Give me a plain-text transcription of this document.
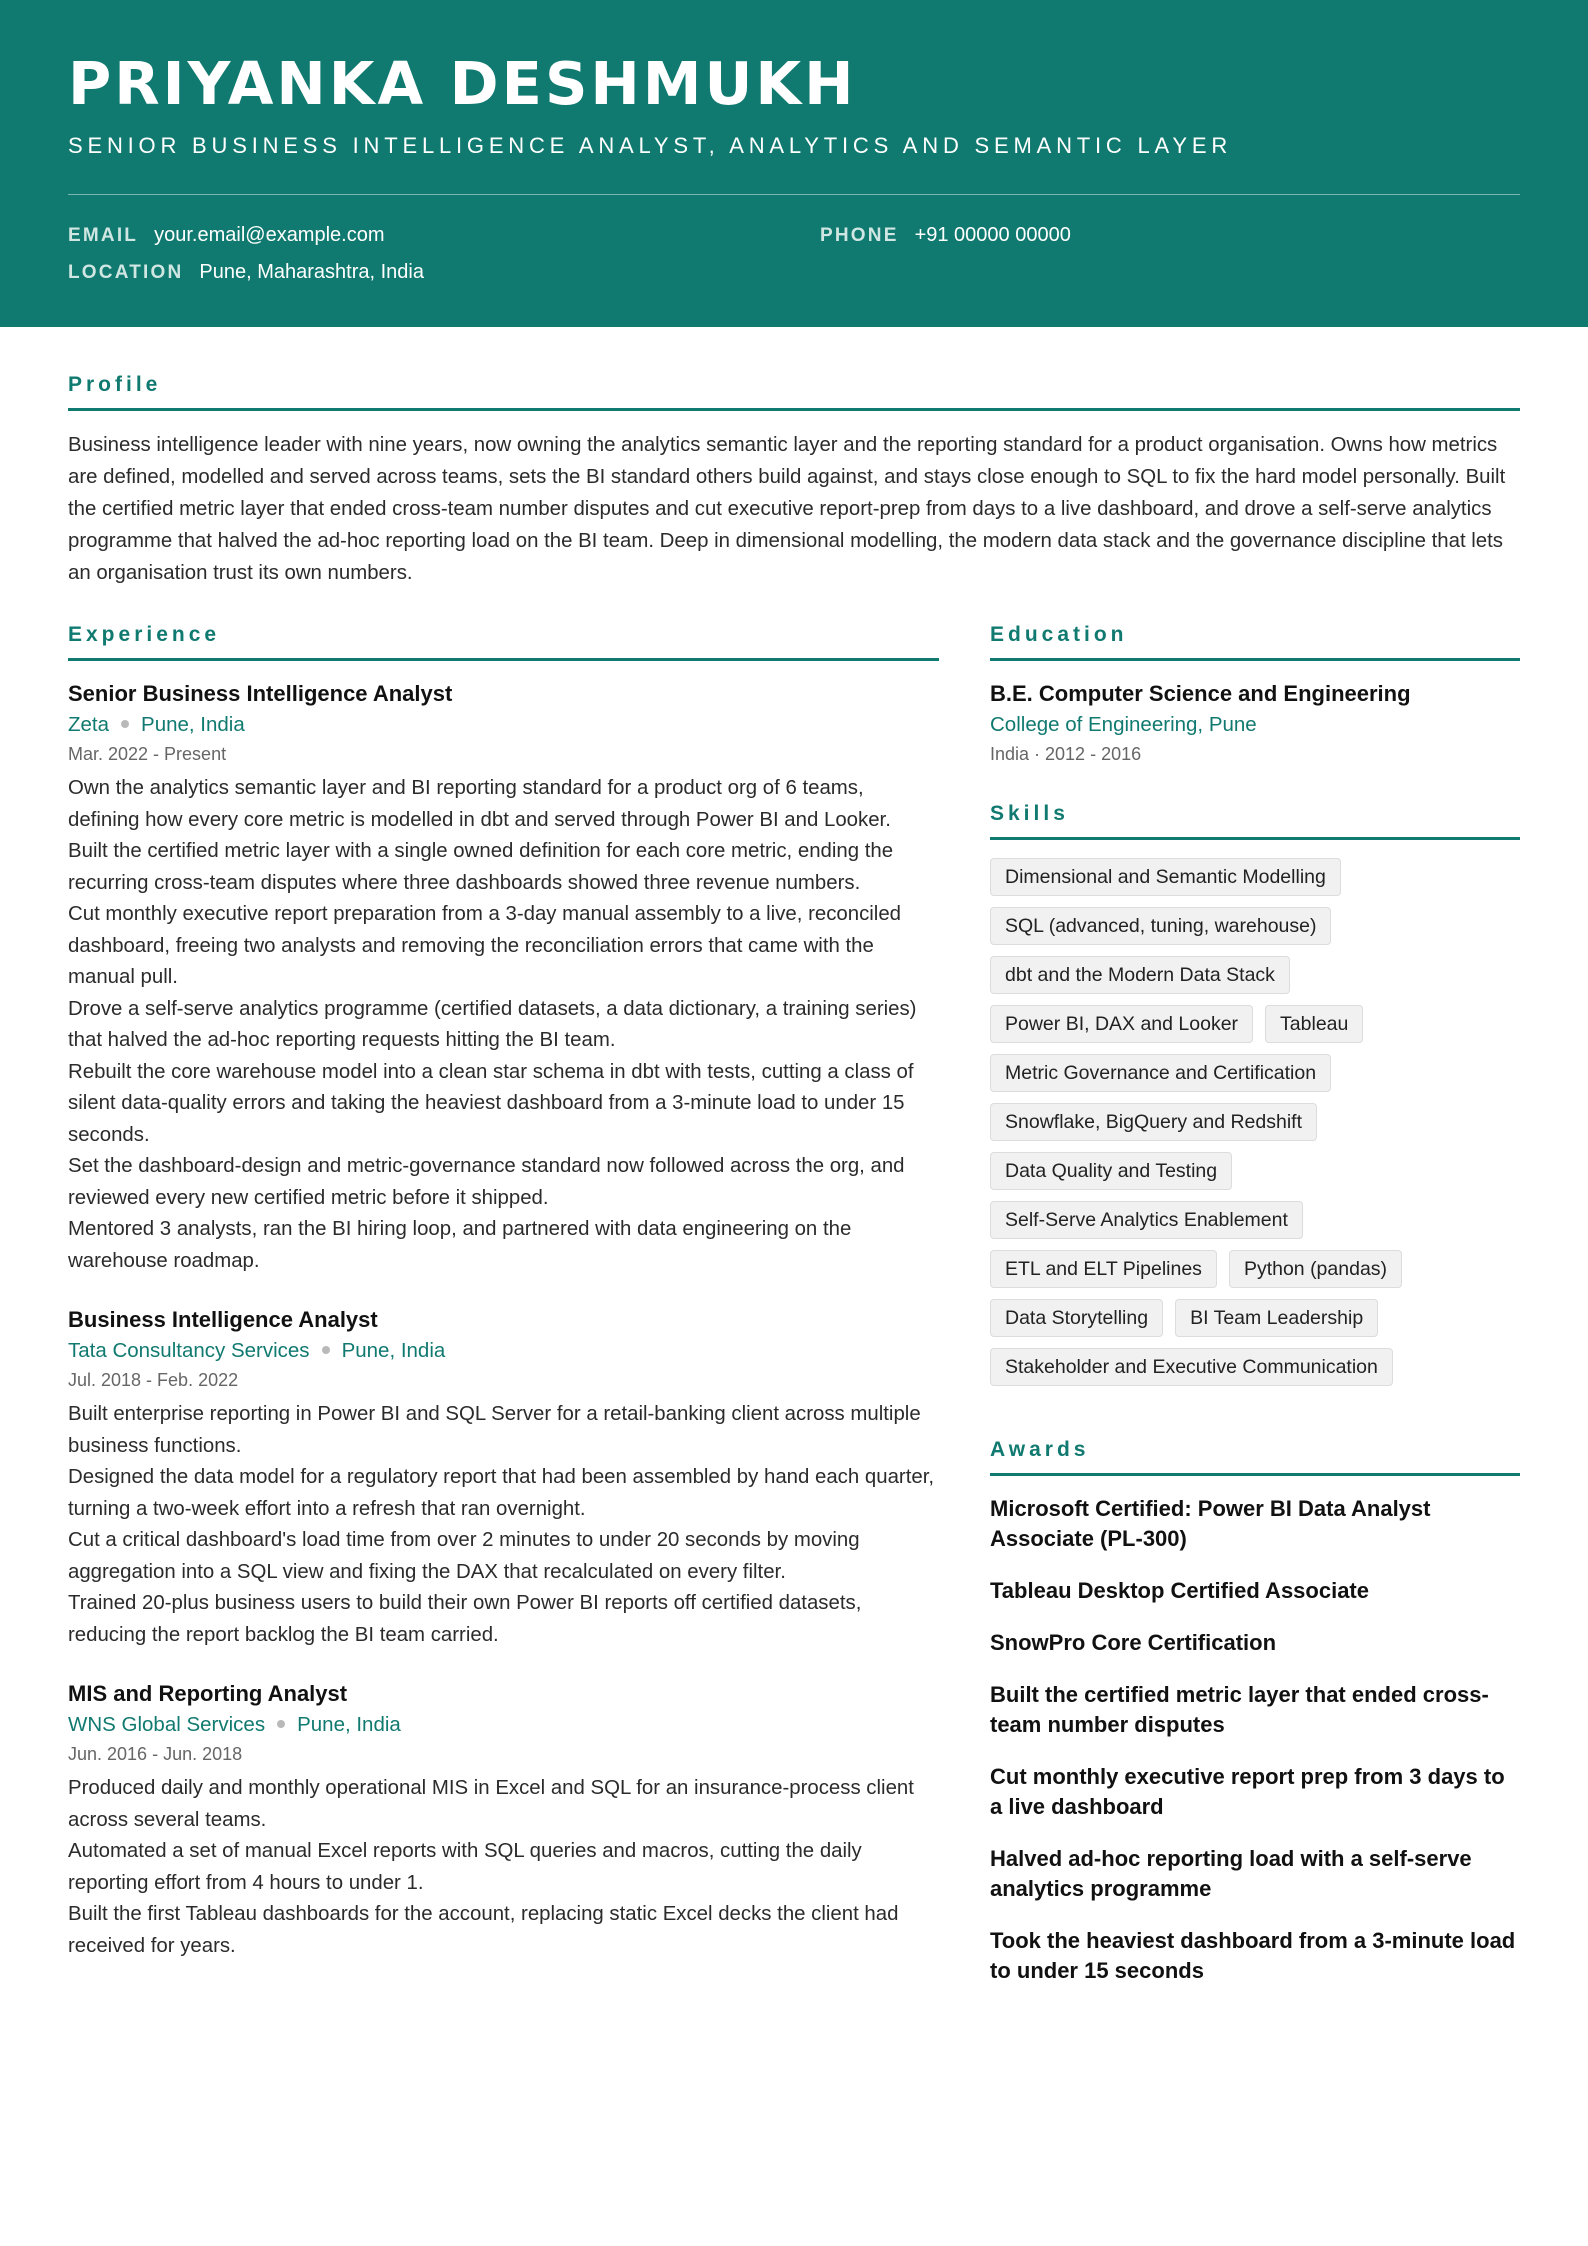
PRIYANKA DESHMUKH
SENIOR BUSINESS INTELLIGENCE ANALYST, ANALYTICS AND SEMANTIC LAYER
EMAIL your.email@example.com
LOCATION Pune, Maharashtra, India
PHONE +91 00000 00000
Profile
Business intelligence leader with nine years, now owning the analytics semantic layer and the reporting standard for a product organisation. Owns how metrics are defined, modelled and served across teams, sets the BI standard others build against, and stays close enough to SQL to fix the hard model personally. Built the certified metric layer that ended cross-team number disputes and cut executive report-prep from days to a live dashboard, and drove a self-serve analytics programme that halved the ad-hoc reporting load on the BI team. Deep in dimensional modelling, the modern data stack and the governance discipline that lets an organisation trust its own numbers.
Experience
Senior Business Intelligence Analyst
Zeta Pune, India
Mar. 2022 - Present
Own the analytics semantic layer and BI reporting standard for a product org of 6 teams, defining how every core metric is modelled in dbt and served through Power BI and Looker.
Built the certified metric layer with a single owned definition for each core metric, ending the recurring cross-team disputes where three dashboards showed three revenue numbers.
Cut monthly executive report preparation from a 3-day manual assembly to a live, reconciled dashboard, freeing two analysts and removing the reconciliation errors that came with the manual pull.
Drove a self-serve analytics programme (certified datasets, a data dictionary, a training series) that halved the ad-hoc reporting requests hitting the BI team.
Rebuilt the core warehouse model into a clean star schema in dbt with tests, cutting a class of silent data-quality errors and taking the heaviest dashboard from a 3-minute load to under 15 seconds.
Set the dashboard-design and metric-governance standard now followed across the org, and reviewed every new certified metric before it shipped.
Mentored 3 analysts, ran the BI hiring loop, and partnered with data engineering on the warehouse roadmap.
Business Intelligence Analyst
Tata Consultancy Services Pune, India
Jul. 2018 - Feb. 2022
Built enterprise reporting in Power BI and SQL Server for a retail-banking client across multiple business functions.
Designed the data model for a regulatory report that had been assembled by hand each quarter, turning a two-week effort into a refresh that ran overnight.
Cut a critical dashboard's load time from over 2 minutes to under 20 seconds by moving aggregation into a SQL view and fixing the DAX that recalculated on every filter.
Trained 20-plus business users to build their own Power BI reports off certified datasets, reducing the report backlog the BI team carried.
MIS and Reporting Analyst
WNS Global Services Pune, India
Jun. 2016 - Jun. 2018
Produced daily and monthly operational MIS in Excel and SQL for an insurance-process client across several teams.
Automated a set of manual Excel reports with SQL queries and macros, cutting the daily reporting effort from 4 hours to under 1.
Built the first Tableau dashboards for the account, replacing static Excel decks the client had received for years.
Education
B.E. Computer Science and Engineering
College of Engineering, Pune
India · 2012 - 2016
Skills
Dimensional and Semantic Modelling
SQL (advanced, tuning, warehouse)
dbt and the Modern Data Stack
Power BI, DAX and Looker	Tableau
Metric Governance and Certification
Snowflake, BigQuery and Redshift
Data Quality and Testing
Self-Serve Analytics Enablement
ETL and ELT Pipelines	Python (pandas)
Data Storytelling	BI Team Leadership
Stakeholder and Executive Communication
Awards
Microsoft Certified: Power BI Data Analyst Associate (PL-300)
Tableau Desktop Certified Associate
SnowPro Core Certification
Built the certified metric layer that ended cross-team number disputes
Cut monthly executive report prep from 3 days to a live dashboard
Halved ad-hoc reporting load with a self-serve analytics programme
Took the heaviest dashboard from a 3-minute load to under 15 seconds
